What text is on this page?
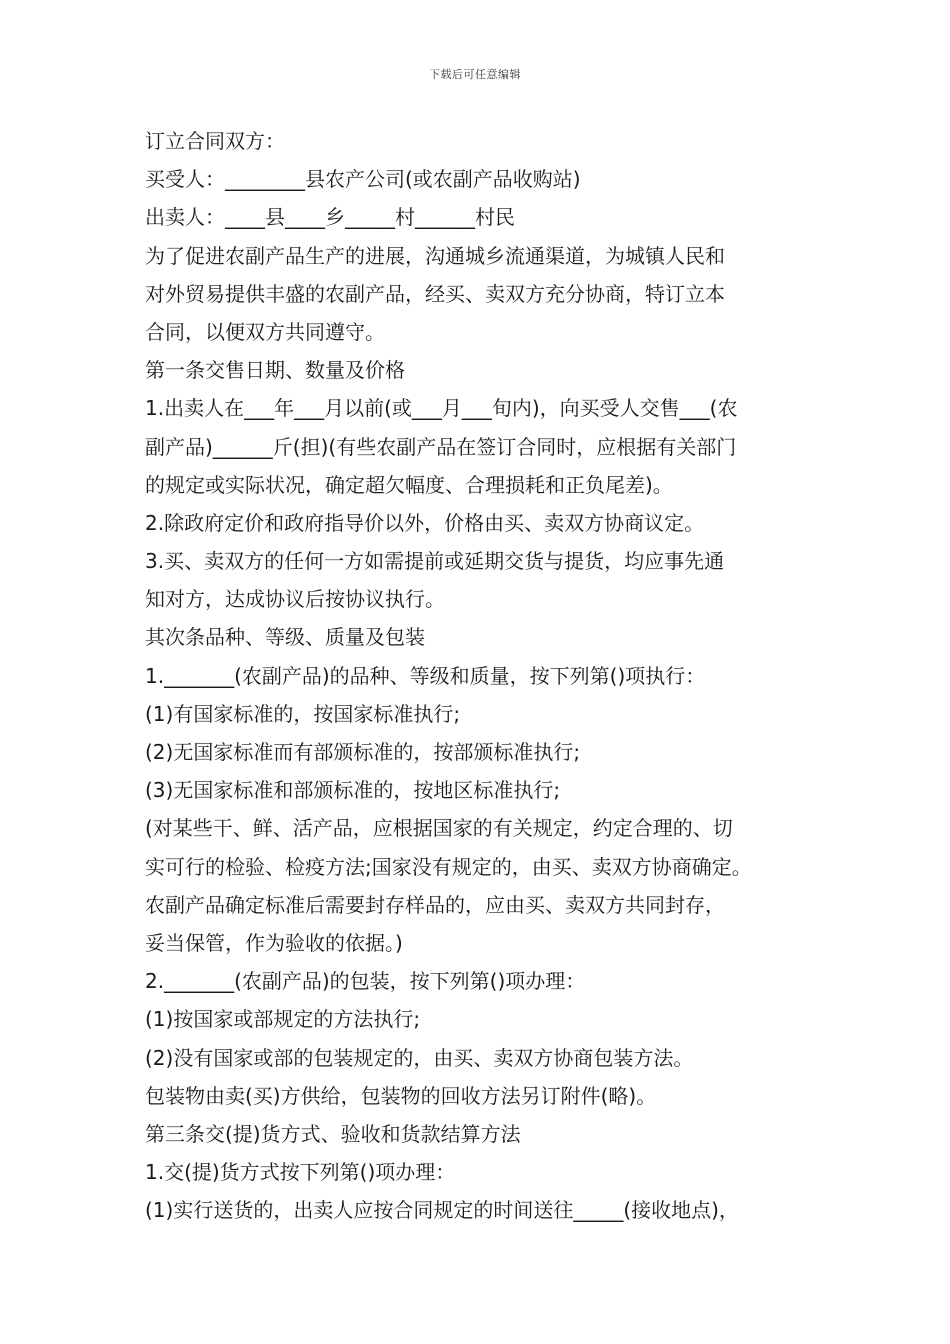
下载后可任意编辑
订立合同双方：
买受人：________县农产公司(或农副产品收购站)
出卖人：____县____乡_____村______村民
为了促进农副产品生产的进展，沟通城乡流通渠道，为城镇人民和
对外贸易提供丰盛的农副产品，经买、卖双方充分协商，特订立本
合同，以便双方共同遵守。
第一条交售日期、数量及价格
1.出卖人在___年___月以前(或___月___旬内)，向买受人交售___(农
副产品)______斤(担)(有些农副产品在签订合同时，应根据有关部门
的规定或实际状况，确定超欠幅度、合理损耗和正负尾差)。
2.除政府定价和政府指导价以外，价格由买、卖双方协商议定。
3.买、卖双方的任何一方如需提前或延期交货与提货，均应事先通
知对方，达成协议后按协议执行。
其次条品种、等级、质量及包装
1._______(农副产品)的品种、等级和质量，按下列第()项执行：
(1)有国家标准的，按国家标准执行;
(2)无国家标准而有部颁标准的，按部颁标准执行;
(3)无国家标准和部颁标准的，按地区标准执行;
(对某些干、鲜、活产品，应根据国家的有关规定，约定合理的、切
实可行的检验、检疫方法;国家没有规定的，由买、卖双方协商确定。
农副产品确定标准后需要封存样品的，应由买、卖双方共同封存，
妥当保管，作为验收的依据。)
2._______(农副产品)的包装，按下列第()项办理：
(1)按国家或部规定的方法执行;
(2)没有国家或部的包装规定的，由买、卖双方协商包装方法。
包装物由卖(买)方供给，包装物的回收方法另订附件(略)。
第三条交(提)货方式、验收和货款结算方法
1.交(提)货方式按下列第()项办理：
(1)实行送货的，出卖人应按合同规定的时间送往_____(接收地点)，
